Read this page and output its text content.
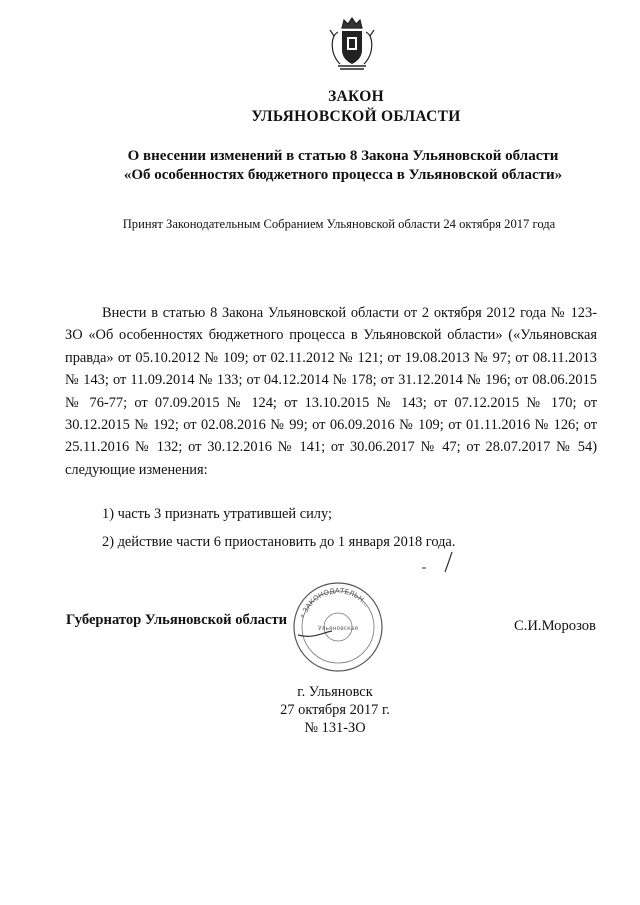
ЗАКОН
УЛЬЯНОВСКОЙ ОБЛАСТИ

О внесении изменений в статью 8 Закона Ульяновской области

«Об особенностях бюджетного процесса в Ульяновской области»

Принят Законодательным Собранием Ульяновской области 24 октября 2017 года

Внести в статью 8 Закона Ульяновской области от 2 октября 2012 года № 123-ЗО «Об особенностях бюджетного процесса в Ульяновской области» («Ульяновская правда» от 05.10.2012 № 109; от 02.11.2012 № 121; от 19.08.2013 № 97; от 08.11.2013 № 143; от 11.09.2014 № 133; от 04.12.2014 № 178; от 31.12.2014 № 196; от 08.06.2015 № 76-77; от 07.09.2015 № 124; от 13.10.2015 № 143; от 07.12.2015 № 170; от 30.12.2015 № 192; от 02.08.2016 № 99; от 06.09.2016 № 109; от 01.11.2016 № 126; от 25.11.2016 № 132; от 30.12.2016 № 141; от 30.06.2017 № 47; от 28.07.2017 № 54) следующие изменения:

1) часть 3 признать утратившей силу;

2) действие части 6 приостановить до 1 января 2018 года.

Губернатор Ульяновской области * ЗАКОНОДАТЕЛЬН...
Ульяновская	С.И.Морозов

г. Ульяновск

27 октября 2017 г.

№ 131-ЗО
